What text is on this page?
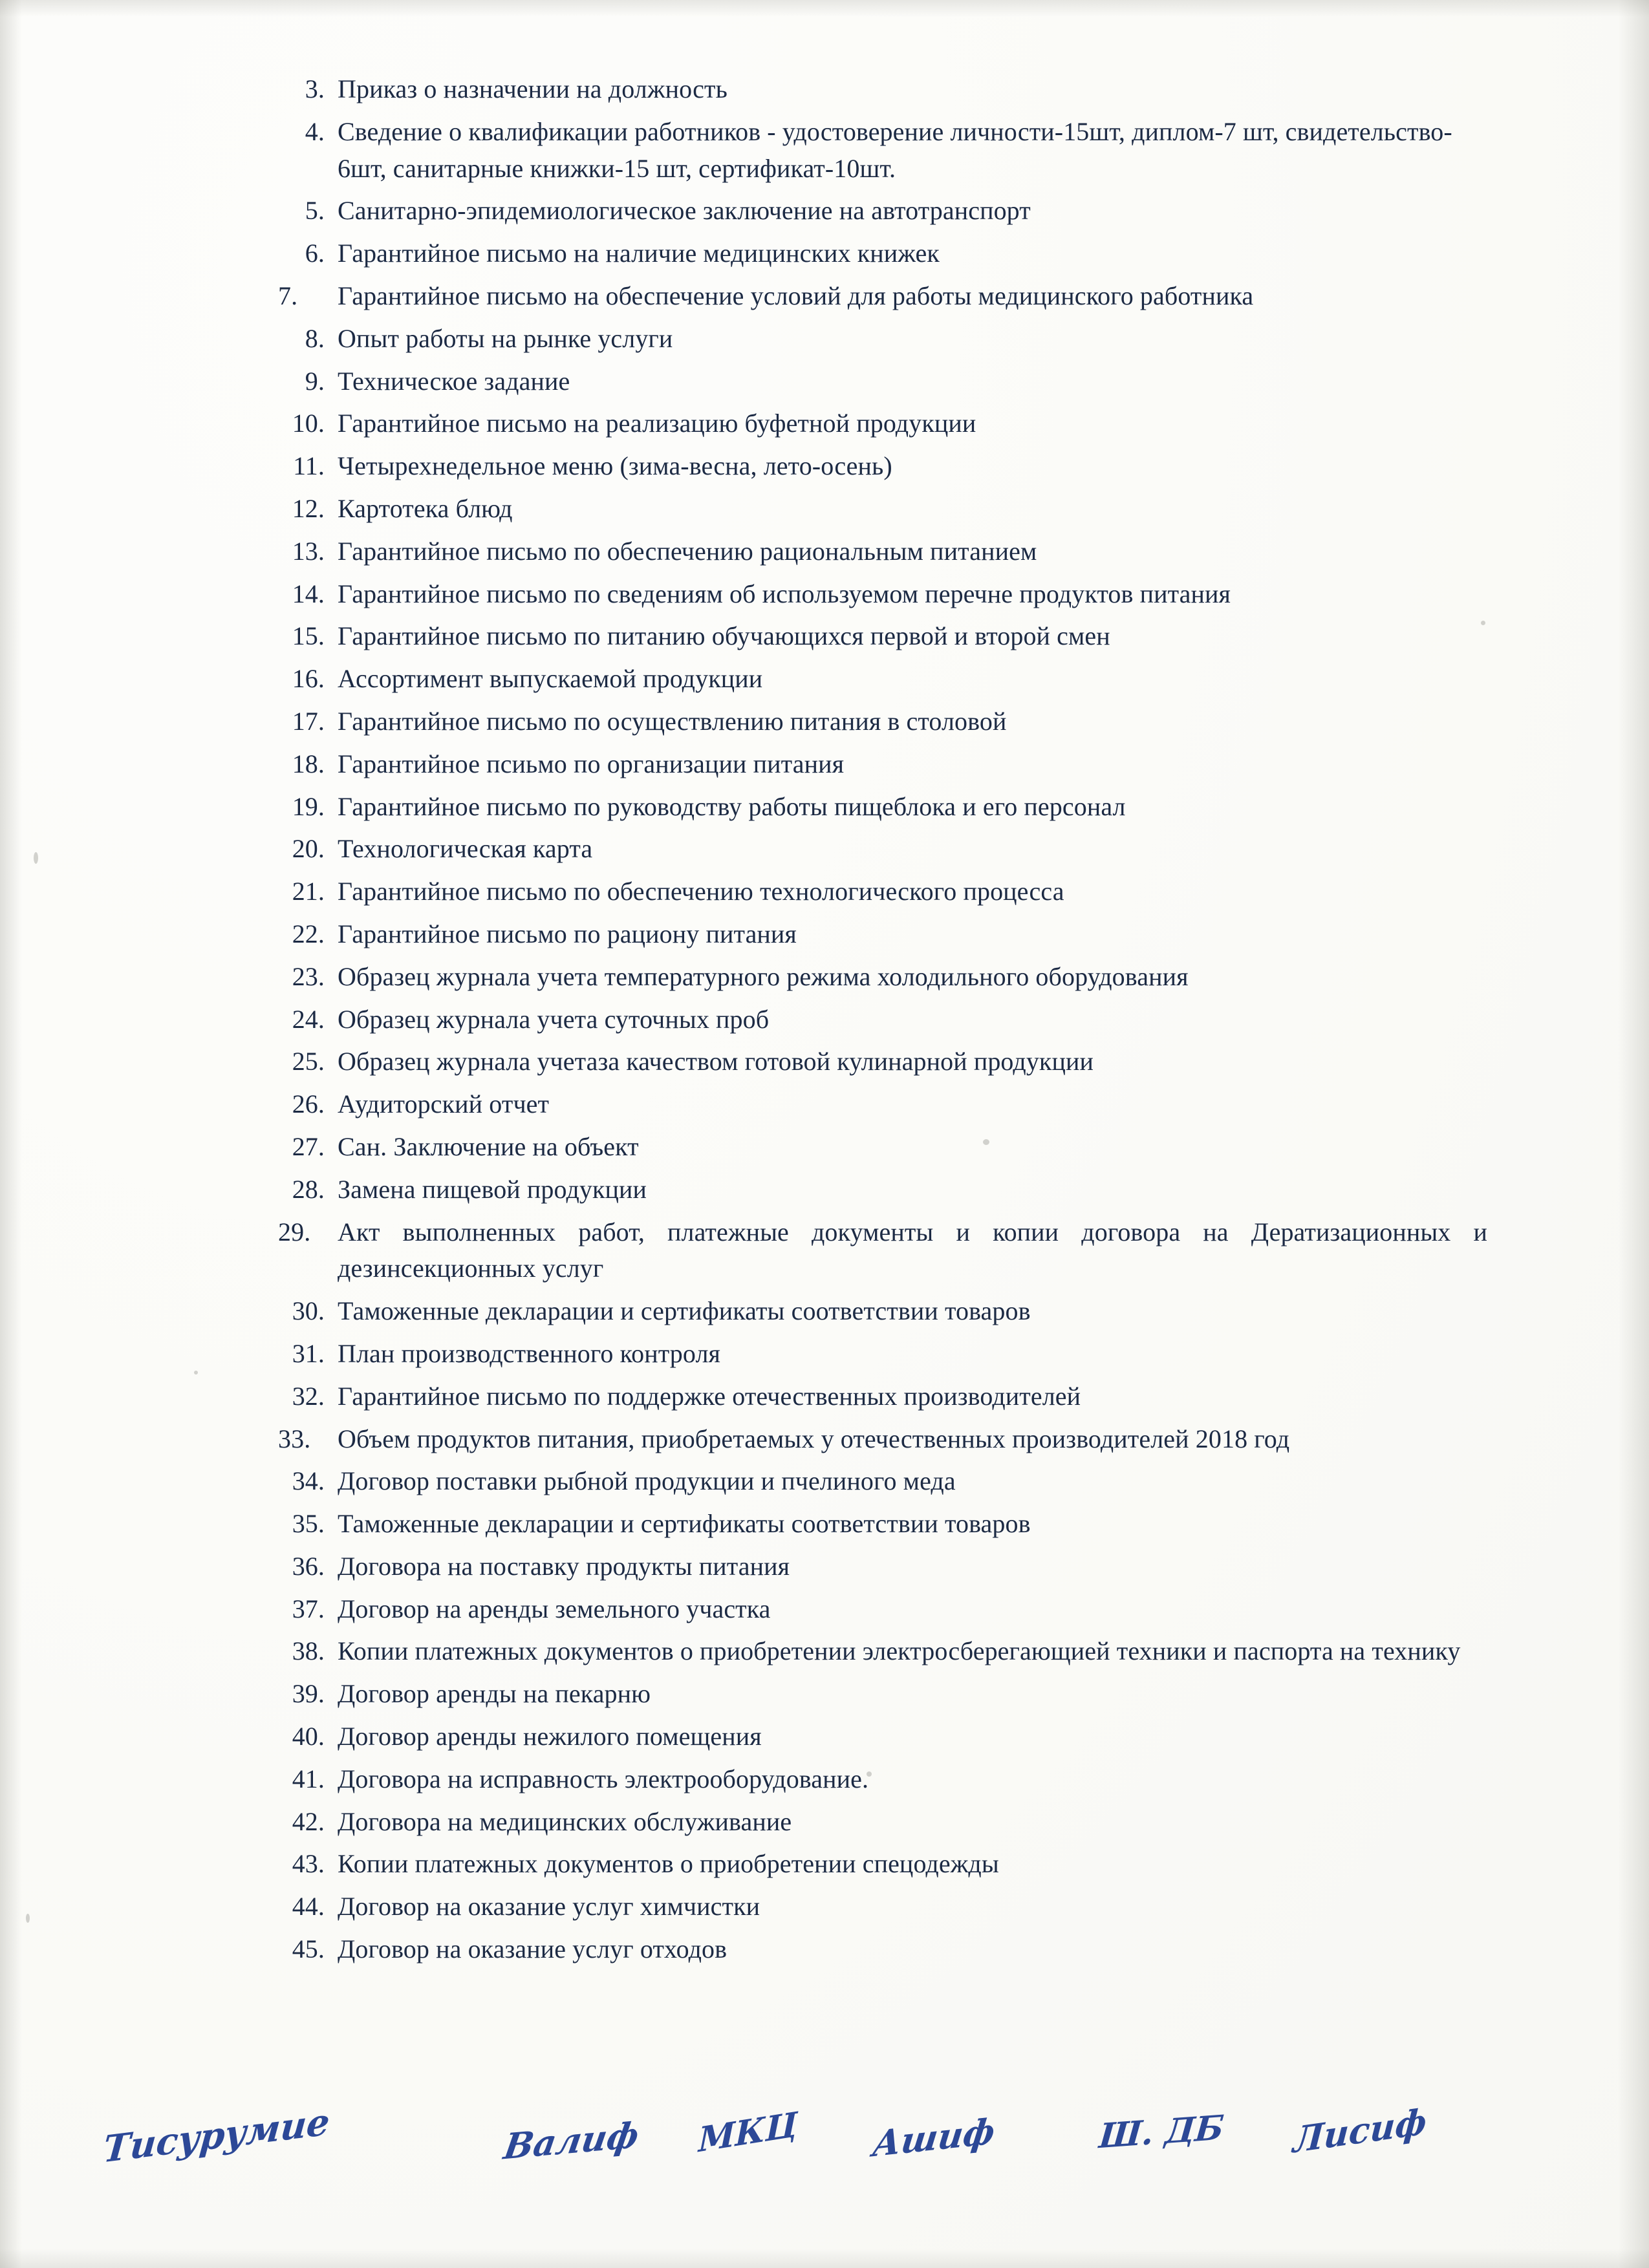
3. Приказ о назначении на должность
4. Сведение о квалификации работников - удостоверение личности-15шт, диплом-7 шт, свидетельство- 6шт, санитарные книжки-15 шт, сертификат-10шт.
5. Санитарно-эпидемиологическое заключение на автотранспорт
6. Гарантийное письмо на наличие медицинских книжек
7.	Гарантийное письмо на обеспечение условий для работы медицинского работника
8. Опыт работы на рынке услуги
9. Техническое задание
10. Гарантийное письмо на реализацию буфетной продукции
11. Четырехнедельное меню (зима-весна, лето-осень)
12. Картотека блюд
13. Гарантийное письмо по обеспечению рациональным питанием
14. Гарантийное письмо по сведениям об используемом перечне продуктов питания
15. Гарантийное письмо по питанию обучающихся первой и второй смен
16. Ассортимент выпускаемой продукции
17. Гарантийное письмо по осуществлению питания в столовой
18. Гарантийное псиьмо по организации питания
19. Гарантийное письмо по руководству работы пищеблока и его персонал
20. Технологическая карта
21. Гарантийное письмо по обеспечению технологического процесса
22. Гарантийное письмо по рациону питания
23. Образец журнала учета температурного режима холодильного оборудования
24. Образец журнала учета суточных проб
25. Образец журнала учетаза качеством готовой кулинарной продукции
26. Аудиторский отчет
27. Сан. Заключение на объект
28. Замена пищевой продукции
29.	Акт выполненных работ, платежные документы и копии договора на Дератизационных и дезинсекционных услуг
30. Таможенные декларации и сертификаты соответствии товаров
31. План производственного контроля
32. Гарантийное письмо по поддержке отечественных производителей
33.	Объем продуктов питания, приобретаемых у отечественных производителей 2018 год
34. Договор поставки рыбной продукции и пчелиного меда
35. Таможенные декларации и сертификаты соответствии товаров
36. Договора на поставку продукты питания
37. Договор на аренды земельного участка
38. Копии платежных документов о приобретении электросберегающией техники и паспорта на технику
39. Договор аренды на пекарню
40. Договор аренды нежилого помещения
41. Договора на исправность электрооборудование.
42. Договора на медицинских обслуживание
43. Копии платежных документов о приобретении спецодежды
44. Договор на оказание услуг химчистки
45. Договор на оказание услуг отходов
Тисурумие	Валиф МКЦ Ашиф	Ш. ДБ Лисиф
